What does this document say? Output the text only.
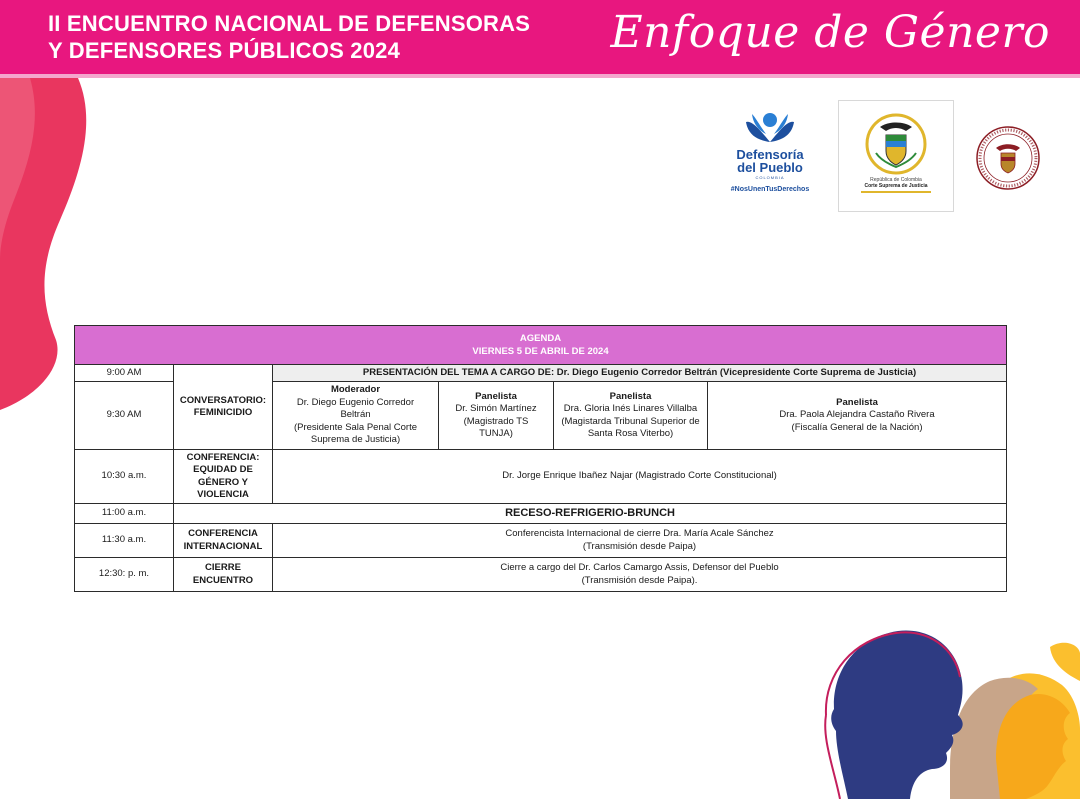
II ENCUENTRO NACIONAL DE DEFENSORAS
Y DEFENSORES PÚBLICOS 2024	Enfoque de Género
Defensoría
del Pueblo
COLOMBIA
#NosUnenTusDerechos
República de Colombia
Corte Suprema de Justicia
AGENDA
VIERNES 5 DE ABRIL DE 2024					

9:00 AM	CONVERSATORIO: FEMINICIDIO	PRESENTACIÓN DEL TEMA A CARGO DE: Dr. Diego Eugenio Corredor Beltrán (Vicepresidente Corte Suprema de Justicia)			
9:30 AM		Moderador
Dr. Diego Eugenio Corredor
Beltrán
(Presidente Sala Penal Corte
Suprema de Justicia)	Panelista
Dr. Simón Martínez
(Magistrado TS
TUNJA)	Panelista
Dra. Gloria Inés Linares Villalba
(Magistarda Tribunal Superior de
Santa Rosa Viterbo)	Panelista
Dra. Paola Alejandra Castaño Rivera
(Fiscalía General de la Nación)

10:30 a.m.	CONFERENCIA:
EQUIDAD DE
GÉNERO Y
VIOLENCIA	Dr. Jorge Enrique Ibañez Najar (Magistrado Corte Constitucional)			
11:00 a.m.	RECESO-REFRIGERIO-BRUNCH				
11:30 a.m.	CONFERENCIA
INTERNACIONAL	Conferencista Internacional de cierre Dra. María Acale Sánchez
(Transmisión desde Paipa)			

12:30: p. m.	CIERRE
ENCUENTRO	Cierre a cargo del Dr. Carlos Camargo Assis, Defensor del Pueblo
(Transmisión desde Paipa).			
